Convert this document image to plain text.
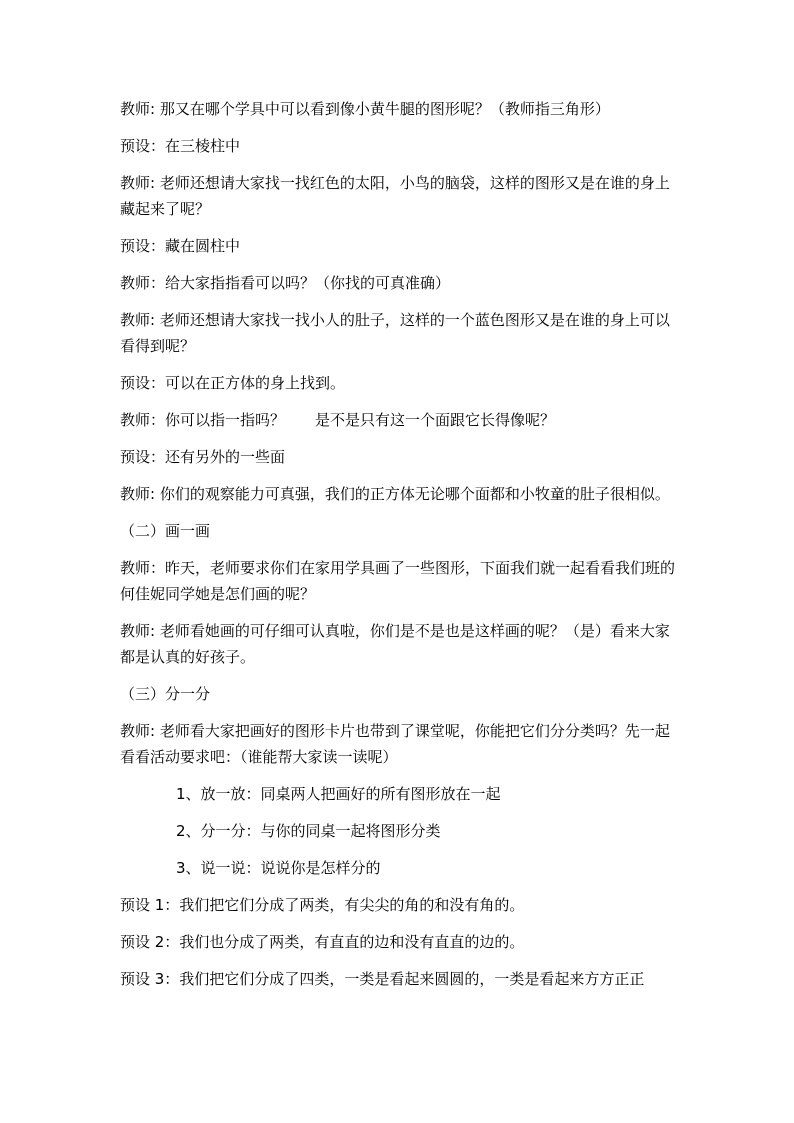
教师: 那又在哪个学具中可以看到像小黄牛腿的图形呢？（教师指三角形）

预设：在三棱柱中

教师: 老师还想请大家找一找红色的太阳，小鸟的脑袋，这样的图形又是在谁的身上藏起来了呢？

预设：藏在圆柱中

教师：给大家指指看可以吗？（你找的可真准确）

教师: 老师还想请大家找一找小人的肚子，这样的一个蓝色图形又是在谁的身上可以看得到呢？

预设：可以在正方体的身上找到。

教师：你可以指一指吗？　　是不是只有这一个面跟它长得像呢？

预设：还有另外的一些面

教师: 你们的观察能力可真强，我们的正方体无论哪个面都和小牧童的肚子很相似。

（二）画一画

教师：昨天，老师要求你们在家用学具画了一些图形，下面我们就一起看看我们班的何佳妮同学她是怎们画的呢？

教师: 老师看她画的可仔细可认真啦，你们是不是也是这样画的呢？（是）看来大家都是认真的好孩子。

（三）分一分

教师: 老师看大家把画好的图形卡片也带到了课堂呢，你能把它们分分类吗？先一起看看活动要求吧：（谁能帮大家读一读呢）

1、放一放：同桌两人把画好的所有图形放在一起

2、分一分：与你的同桌一起将图形分类

3、说一说：说说你是怎样分的

预设 1：我们把它们分成了两类，有尖尖的角的和没有角的。

预设 2：我们也分成了两类，有直直的边和没有直直的边的。

预设 3：我们把它们分成了四类，一类是看起来圆圆的，一类是看起来方方正正
